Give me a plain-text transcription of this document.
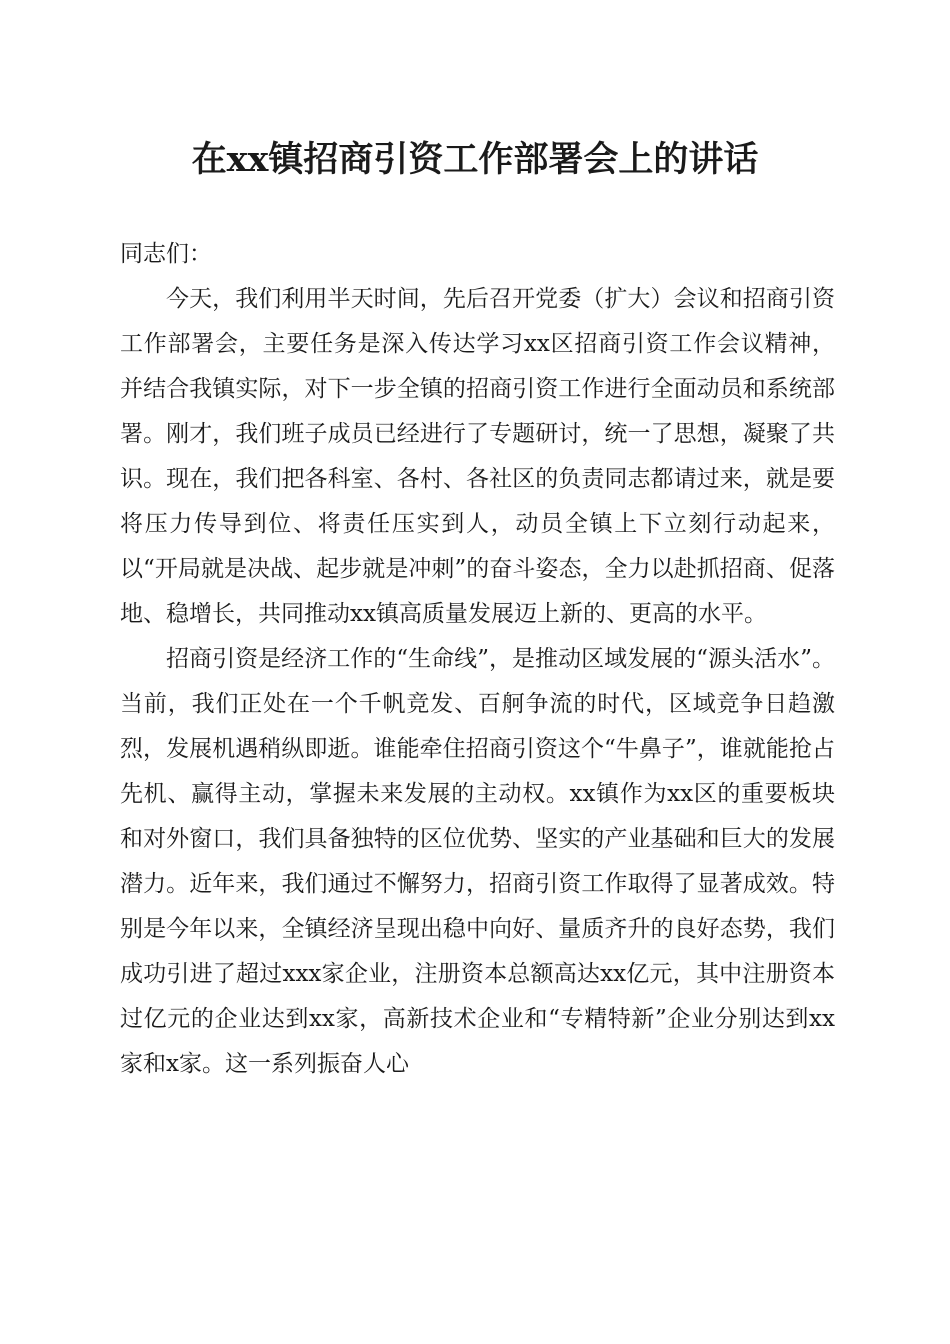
在xx镇招商引资工作部署会上的讲话

同志们：

今天，我们利用半天时间，先后召开党委（扩大）会议和招商引资工作部署会，主要任务是深入传达学习xx区招商引资工作会议精神，并结合我镇实际，对下一步全镇的招商引资工作进行全面动员和系统部署。刚才，我们班子成员已经进行了专题研讨，统一了思想，凝聚了共识。现在，我们把各科室、各村、各社区的负责同志都请过来，就是要将压力传导到位、将责任压实到人，动员全镇上下立刻行动起来，以“开局就是决战、起步就是冲刺”的奋斗姿态，全力以赴抓招商、促落地、稳增长，共同推动xx镇高质量发展迈上新的、更高的水平。

招商引资是经济工作的“生命线”，是推动区域发展的“源头活水”。当前，我们正处在一个千帆竞发、百舸争流的时代，区域竞争日趋激烈，发展机遇稍纵即逝。谁能牵住招商引资这个“牛鼻子”，谁就能抢占先机、赢得主动，掌握未来发展的主动权。xx镇作为xx区的重要板块和对外窗口，我们具备独特的区位优势、坚实的产业基础和巨大的发展潜力。近年来，我们通过不懈努力，招商引资工作取得了显著成效。特别是今年以来，全镇经济呈现出稳中向好、量质齐升的良好态势，我们成功引进了超过xxx家企业，注册资本总额高达xx亿元，其中注册资本过亿元的企业达到xx家，高新技术企业和“专精特新”企业分别达到xx家和x家。这一系列振奋人心
